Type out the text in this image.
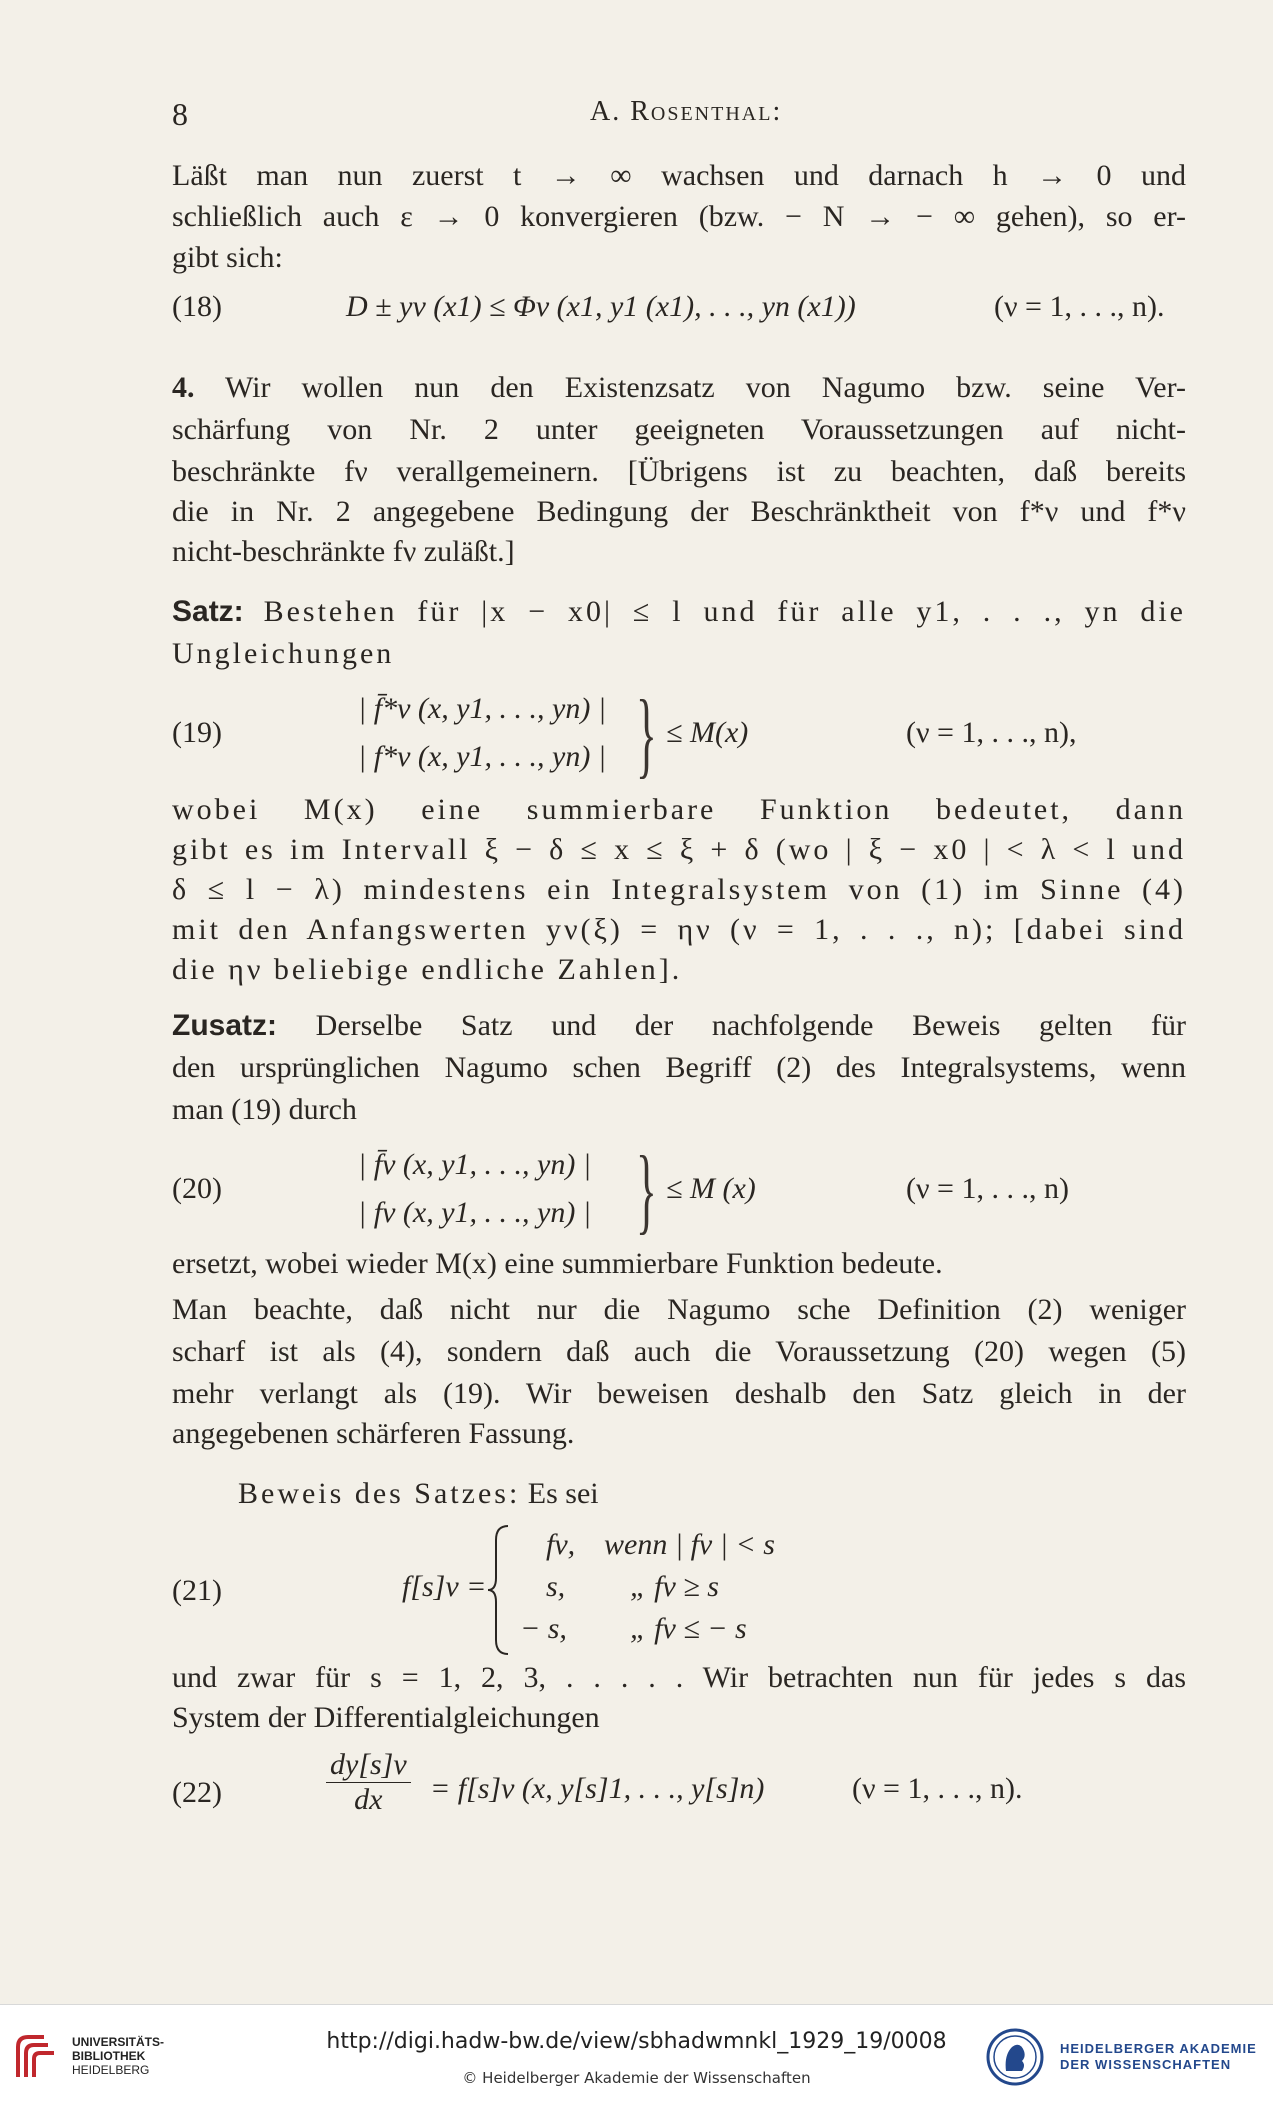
8	A. Rosenthal:
Läßt man nun zuerst t → ∞ wachsen und darnach h → 0 und
schließlich auch ε → 0 konvergieren (bzw. − N → − ∞ gehen), so er-
gibt sich:
(18)	D ± yν (x1) ≤ Φν (x1, y1 (x1), . . ., yn (x1))	(ν = 1, . . ., n).
4. Wir wollen nun den Existenzsatz von Nagumo bzw. seine Ver-
schärfung von Nr. 2 unter geeigneten Voraussetzungen auf nicht-
beschränkte fν verallgemeinern. [Übrigens ist zu beachten, daß bereits
die in Nr. 2 angegebene Bedingung der Beschränktheit von f*ν und f*ν
nicht-beschränkte fν zuläßt.]
Satz: Bestehen für |x − x0| ≤ l und für alle y1, . . ., yn die
Ungleichungen
(19)
| f̄*ν (x, y1, . . ., yn) |
| f*ν (x, y1, . . ., yn) | } ≤ M(x)	(ν = 1, . . ., n),
wobei M(x) eine summierbare Funktion bedeutet, dann
gibt es im Intervall ξ − δ ≤ x ≤ ξ + δ (wo | ξ − x0 | < λ < l und
δ ≤ l − λ) mindestens ein Integralsystem von (1) im Sinne (4)
mit den Anfangswerten yν(ξ) = ην (ν = 1, . . ., n); [dabei sind
die ην beliebige endliche Zahlen].
Zusatz: Derselbe Satz und der nachfolgende Beweis gelten für
den ursprünglichen Nagumo schen Begriff (2) des Integralsystems, wenn
man (19) durch
(20)
| f̄ν (x, y1, . . ., yn) |
| fν (x, y1, . . ., yn) | } ≤ M (x)	(ν = 1, . . ., n)
ersetzt, wobei wieder M(x) eine summierbare Funktion bedeute.
Man beachte, daß nicht nur die Nagumo sche Definition (2) weniger
scharf ist als (4), sondern daß auch die Voraussetzung (20) wegen (5)
mehr verlangt als (19). Wir beweisen deshalb den Satz gleich in der
angegebenen schärferen Fassung.
Beweis des Satzes: Es sei
(21)	f[s]ν =
fν, wenn | fν | < s
s, „ fν ≥ s
− s, „ fν ≤ − s
und zwar für s = 1, 2, 3, . . . . . Wir betrachten nun für jedes s das
System der Differentialgleichungen
(22)	$\frac{dy[s]\nu}{dx} = f[s]\nu$ (x, y[s]1, . . ., y[s]n)	(ν = 1, . . ., n).
UNIVERSITÄTS-
BIBLIOTHEK
HEIDELBERG
http://digi.hadw-bw.de/view/sbhadwmnkl_1929_19/0008
© Heidelberger Akademie der Wissenschaften
HEIDELBERGER AKADEMIE
DER WISSENSCHAFTEN
